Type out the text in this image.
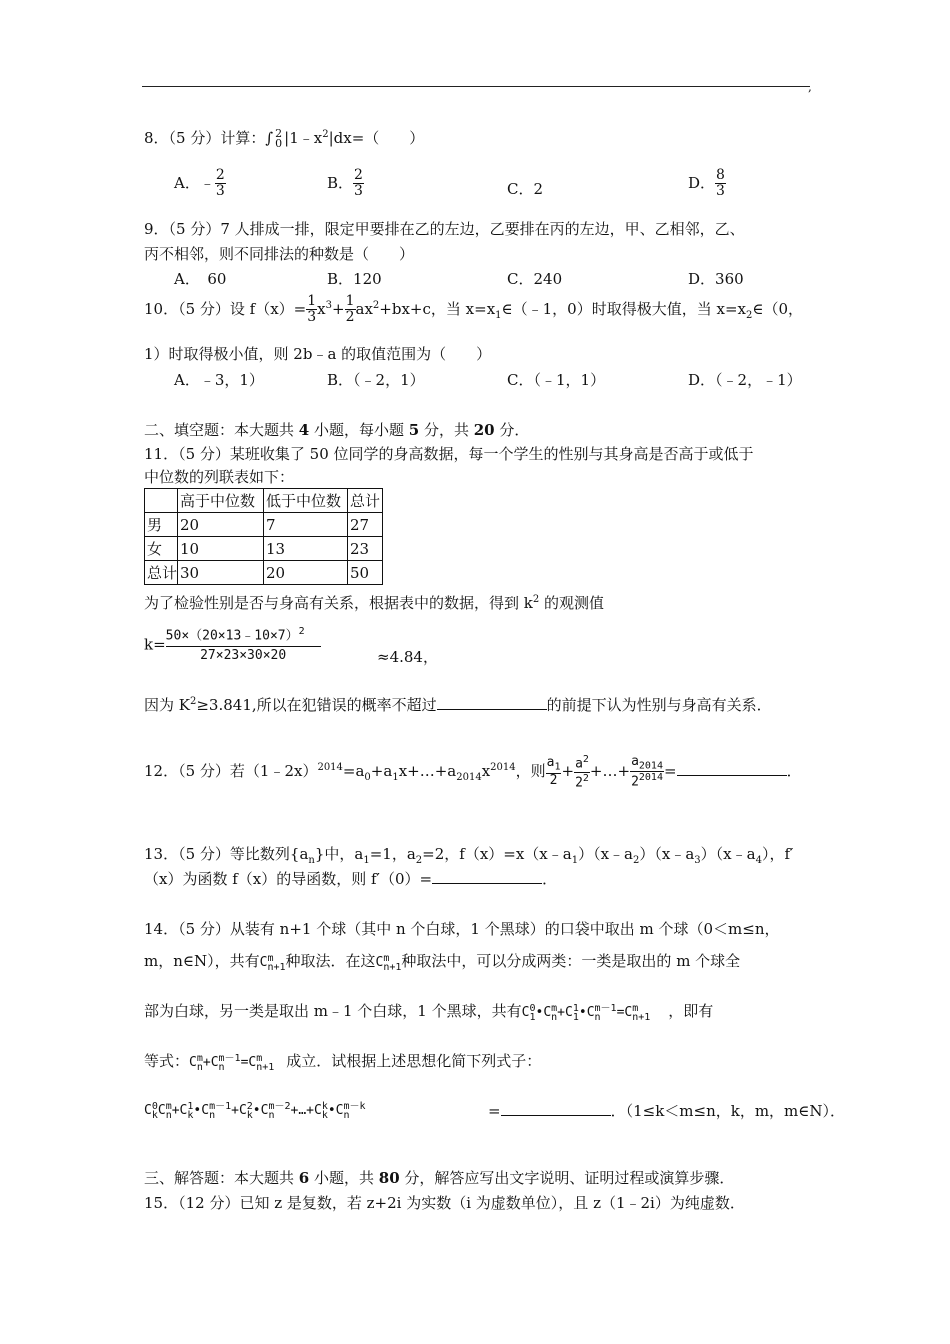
,
8．（5 分）计算：∫ 2
0 $|1﹣x^2|dx=$（　　）
A．﹣ $\frac{2}{3}$	B． $\frac{2}{3}$	C．2	D． $\frac{8}{3}$
9．（5 分）7 人排成一排，限定甲要排在乙的左边，乙要排在丙的左边，甲、乙相邻，乙、
丙不相邻，则不同排法的种数是（　　）
A．　60	B．120	C．240	D．360
10．（5 分）设 $f(x)= \frac{1}{3} x^3+ \frac{1}{2} ax^2+bx+c$，当 $x=x_1\in(﹣1$，0）时取得极大值，当 $x=x_2\in(0$，
1）时取得极小值，则 2b﹣a 的取值范围为（　　）
A．﹣3，1）	B．（﹣2，1）	C．（﹣1，1）	D．（﹣2，﹣1）
二、填空题：本大题共 4 小题，每小题 5 分，共 20 分．
11．（5 分）某班收集了 50 位同学的身高数据，每一个学生的性别与其身高是否高于或低于
中位数的列联表如下：
	高于中位数	低于中位数	总计
男	20	7	27
女	10	13	23
总计	30	20	50
为了检验性别是否与身高有关系，根据表中的数据，得到 $k^2$ 的观测值
$k= \frac{50\times(20\times 13﹣10\times 7)^2}{27\times 23\times 30\times 20}$	≈4.84，
因为 $K^2\ge 3.841$,所以在犯错误的概率不超过	的前提下认为性别与身高有关系．
12．（5 分）若$(1﹣2x)^{2014}=a_0+a_1x+\dots+a_{2014}x^{2014}$，则 $\frac{a_1}{2} + \frac{a^2}{2^2}$ +…+ $\frac{a_{2014}}{2^{2014}}$ =	．
13．（5 分）等比数列$\{a_n\}$中，$a_1=1$，$a_2=2$，$f(x)=x(x﹣a_1)(x﹣a_2)(x﹣a_3)(x﹣a_4)$，f′
（x）为函数 f（x）的导函数，则 f′（0）=	．
14．（5 分）从装有 n+1 个球（其中 n 个白球，1 个黑球）的口袋中取出 m 个球（0＜m≤n，
m，n∈N），共有C m
n+1 种取法．在这C m
n+1 种取法中，可以分成两类：一类是取出的 m 个球全
部为白球，另一类是取出 m﹣1 个白球，1 个黑球，共有C 0
1 •C m
n +C 1
1 •C m－1
n	=C m
n+1 ，即有
等式：C m
n +C m－1
n	=C m
n+1 成立．试根据上述思想化简下列式子：
C 0
k C m
n +C 1
k •C m－1
n	+C 2
k •C m－2
n	+…+C k
k •C m－k
n	=	．（1≤k＜m≤n，k，m，m∈N）．
三、解答题：本大题共 6 小题，共 80 分，解答应写出文字说明、证明过程或演算步骤．
15．（12 分）已知 z 是复数，若 z+2i 为实数（i 为虚数单位），且 z（1﹣2i）为纯虚数．
